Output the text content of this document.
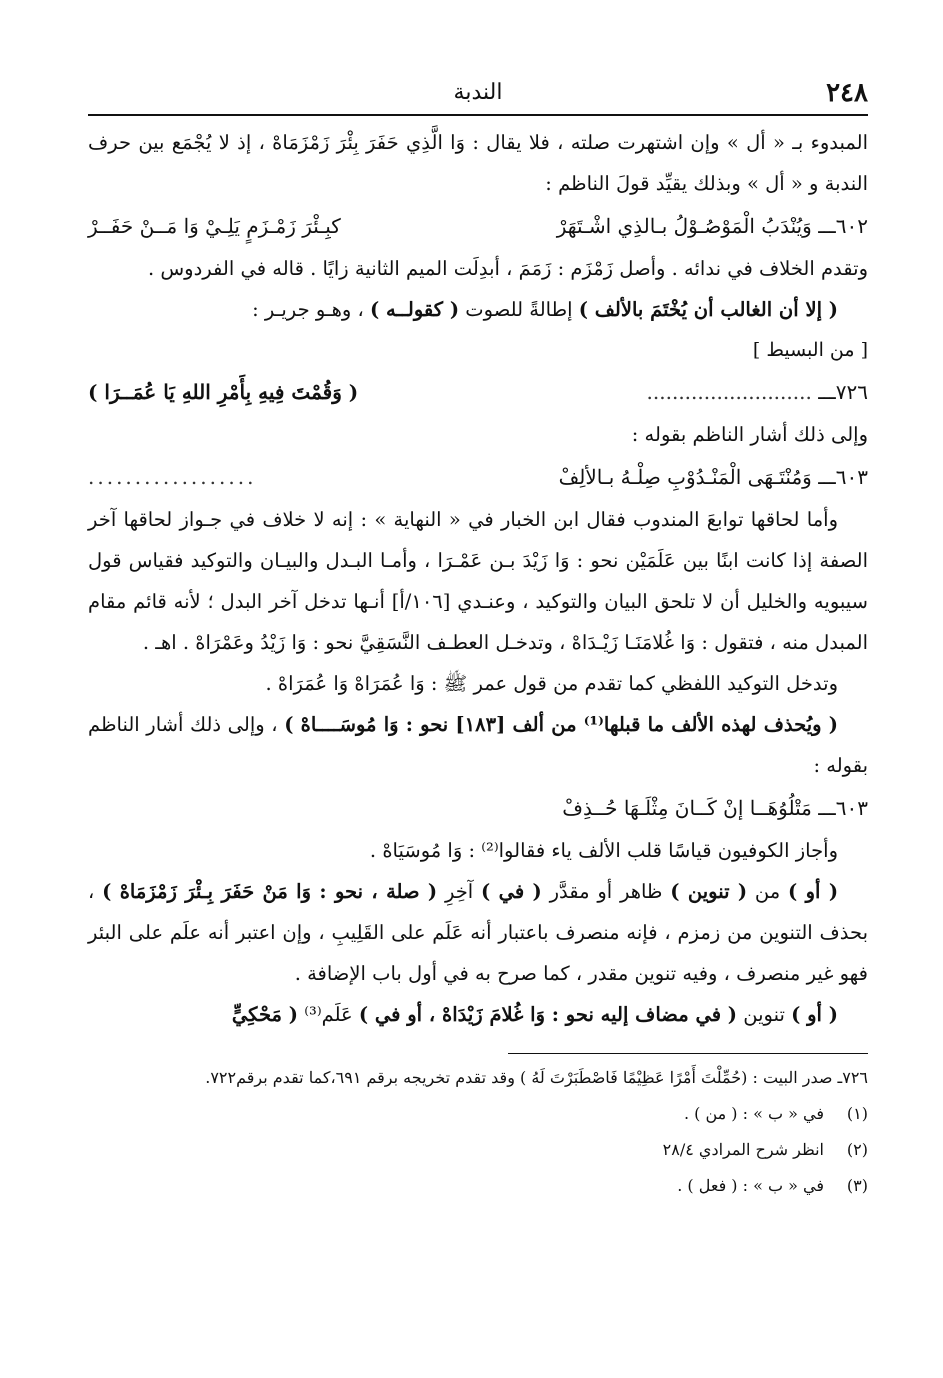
٢٤٨
الندبة

المبدوء بـ « أل » وإن اشتهرت صلته ، فلا يقال : وَا الَّذِي حَفَرَ بِئْرَ زَمْزَمَاهْ ، إذ لا يُجْمَع بين حرف الندبة و « أل » وبذلك يقيِّد قولَ الناظم :

٦٠٢ـــ وَيُنْدَبُ الْمَوْصُـوْلُ بـالذِي اشْـتَهَرْ
كبِـئْرَ زَمْـزَمٍ يَلِـيْ وَا مَــنْ حَفَــرْ

وتقدم الخلاف في ندائه . وأصل زَمْزَم : زَمَمَ ، أبدِلَت الميم الثانية زايًا . قاله في الفردوس .

( إلا أن الغالب أن يُخْتَمَ بالألف ) إطالةً للصوت ( كقولــه ) ، وهـو جريـر :

[ من البسيط ]

٧٢٦ـــ ..........................
( وَقُمْتَ فِيهِ بِأَمْرِ اللهِ يَا عُمَــرَا )

وإلى ذلك أشار الناظم بقوله :

٦٠٣ـــ وَمُنْتَـهَى الْمَنْـدُوْبِ صِلْـهُ بـالألِفْ
..................

وأما لحاقها توابعَ المندوب فقال ابن الخبار في « النهاية » : إنه لا خلاف في جـواز لحاقها آخر الصفة إذا كانت ابنًا بين عَلَمَيْن نحو : وَا زَيْدَ بـن عَمْـرَا ، وأمـا البـدل والبيـان والتوكيد فقياس قول سيبويه والخليل أن لا تلحق البيان والتوكيد ، وعنـدي [١٠٦/أ] أنـها تدخل آخر البدل ؛ لأنه قائم مقام المبدل منه ، فتقول : وَا غُلامَنَـا زَيْـدَاهْ ، وتدخـل العطـف النَّسَقِيَّ نحو : وَا زَيْدُ وعَمْرَاهْ . اهـ .

وتدخل التوكيد اللفظي كما تقدم من قول عمر ﷺ : وَا عُمَرَاهْ وَا عُمَرَاهْ .

( ويُحذف لهذه الألف ما قبلها⁽¹⁾ من ألف [١٨٣] نحو : وَا مُوسَــــاهْ ) ، وإلى ذلك أشار الناظم بقوله :

٦٠٣ـــ مَتْلُوُهَــا إنْ كَــانَ مِثْلَـهَا حُــذِفْ

وأجاز الكوفيون قياسًا قلب الألف ياء فقالوا⁽²⁾ : وَا مُوسَيَاهْ .

( أو ) من ( تنوين ) ظاهر أو مقدَّر ( في ) آخِرِ ( صلة ، نحو : وَا مَنْ حَفَرَ بِـئْرَ زَمْزَمَاهْ ) ، بحذف التنوين من زمزم ، فإنه منصرف باعتبار أنه عَلَم على القَلِيبِ ، وإن اعتبر أنه علَم على البئر فهو غير منصرف ، وفيه تنوين مقدر ، كما صرح به في أول باب الإضافة .

( أو ) تنوين ( في مضاف إليه نحو : وَا غُلامَ زَيْدَاهْ ، أو في ) عَلَم⁽³⁾ ( مَحْكِيٍّ

٧٢٦ـ صدر البيت : (حُمِّلْتَ أَمْرًا عَظِيْمًا فَاصْطَبَرْتَ لَهُ ) وقد تقدم تخريجه برقم ٦٩١،كما تقدم برقم٧٢٢.

(١)في « ب » : ( من ) .

(٢)انظر شرح المرادي ٢٨/٤

(٣)في « ب » : ( فعل ) .
